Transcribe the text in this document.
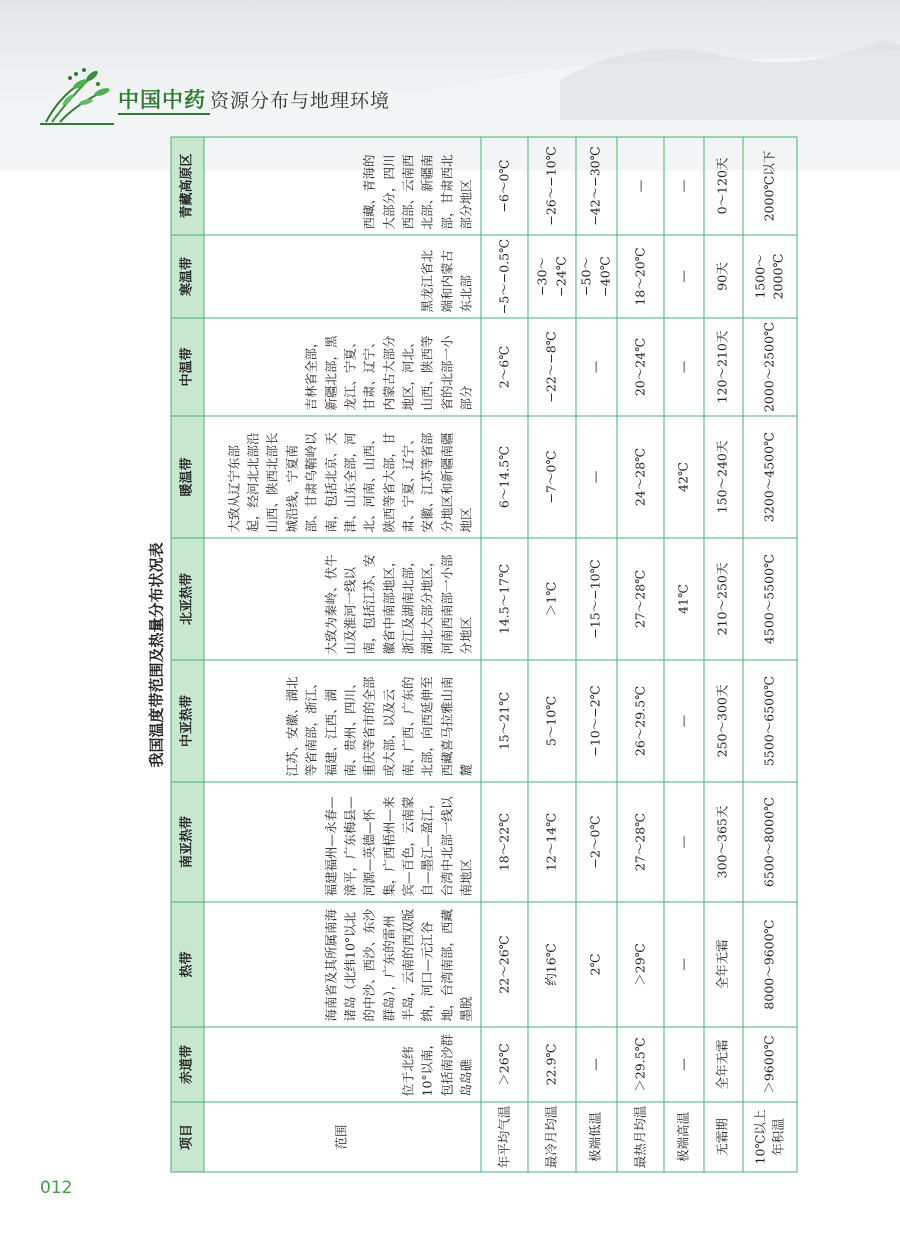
中国中药 资源分布与地理环境
我国温度带范围及热量分布状况表
项目	赤道带	热带	南亚热带	中亚热带	北亚热带	暖温带	中温带	寒温带	青藏高原区
范围	位于北纬10°以南，包括南沙群岛岛礁	海南省及其所属南海诸岛（北纬10°以北的中沙、西沙、东沙群岛），广东的雷州半岛，云南的西双版纳，河口—元江谷地，台湾南部，西藏墨脱	福建福州—永春—漳平，广东梅县—河源—英德—怀集，广西梧州—来宾—百色，云南蒙自—墨江—盈江，台湾中北部一线以南地区	江苏、安徽、湖北等省南部，浙江、福建、江西、湖南、贵州、四川、重庆等省市的全部或大部，以及云南、广西、广东的北部，向西延伸至西藏喜马拉雅山南麓	大致为秦岭、伏牛山及淮河一线以南，包括江苏、安徽省中南部地区，浙江及湖南北部，湖北大部分地区，河南西南部一小部分地区	大致从辽宁东部起，经河北北部沿山西、陕西北部长城沿线，宁夏南部、甘肃乌鞘岭以南，包括北京、天津、山东全部，河北、河南、山西、陕西等省大部，甘肃、宁夏、辽宁、安徽、江苏等省部分地区和新疆南疆地区	吉林省全部，新疆北部，黑龙江、宁夏、甘肃、辽宁、内蒙古大部分地区，河北、山西、陕西等省的北部一小部分	黑龙江省北端和内蒙古东北部	西藏、青海的大部分，四川西部、云南西北部、新疆南部，甘肃西北部分地区
年平均气温	＞26℃	22～26℃	18～22℃	15～21℃	14.5～17℃	6～14.5℃	2～6℃	−5～−0.5℃	−6～0℃
最冷月均温	22.9℃	约16℃	12～14℃	5～10℃	＞1℃	−7～0℃	−22～−8℃	−30～−24℃	−26～−10℃
极端低温	—	2℃	−2～0℃	−10～−2℃	−15～−10℃	—	—	−50～−40℃	−42～−30℃
最热月均温	＞29.5℃	＞29℃	27～28℃	26～29.5℃	27～28℃	24～28℃	20～24℃	18～20℃	—
极端高温	—	—	—	—	41℃	42℃	—	—	—
无霜期	全年无霜	全年无霜	300～365天	250～300天	210～250天	150～240天	120～210天	90天	0～120天
10℃以上年积温	＞9600℃	8000～9600℃	6500～8000℃	5500～6500℃	4500～5500℃	3200～4500℃	2000～2500℃	1500～2000℃	2000℃以下
012
